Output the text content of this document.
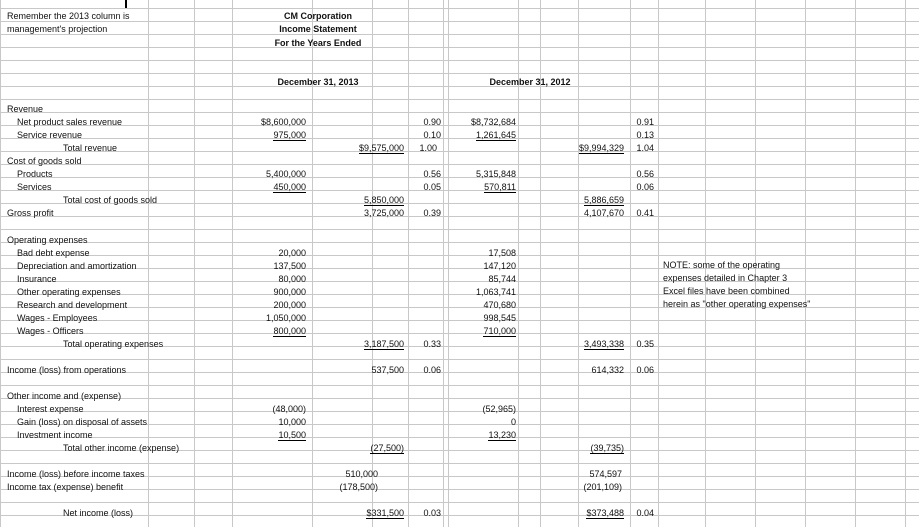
Remember the 2013 column is
management's projection
CM Corporation
Income Statement
For the Years Ended
December 31, 2013	December 31, 2012
Revenue
Net product sales revenue	$8,600,000	0.90	$8,732,684	0.91
Service revenue	975,000	0.10	1,261,645	0.13
Total revenue	$9,575,000	1.00	$9,994,329	1.04
Cost of goods sold
Products	5,400,000	0.56	5,315,848	0.56
Services	450,000	0.05	570,811	0.06
Total cost of goods sold	5,850,000	5,886,659
Gross profit	3,725,000	0.39	4,107,670	0.41
Operating expenses
Bad debt expense	20,000	17,508
Depreciation and amortization	137,500	147,120
Insurance	80,000	85,744
Other operating expenses	900,000	1,063,741
Research and development	200,000	470,680
Wages - Employees	1,050,000	998,545
Wages - Officers	800,000	710,000
Total operating expenses	3,187,500	0.33	3,493,338	0.35
NOTE: some of the operating
expenses detailed in Chapter 3
Excel files have been combined
herein as "other operating expenses"
Income (loss) from operations	537,500	0.06	614,332	0.06
Other income and (expense)
Interest expense	(48,000)	(52,965)
Gain (loss) on disposal of assets	10,000	0
Investment income	10,500	13,230
Total other income (expense)	(27,500)	(39,735)
Income (loss) before income taxes	510,000	574,597
Income tax (expense) benefit	(178,500)	(201,109)
Net income (loss)	$331,500	0.03	$373,488	0.04
